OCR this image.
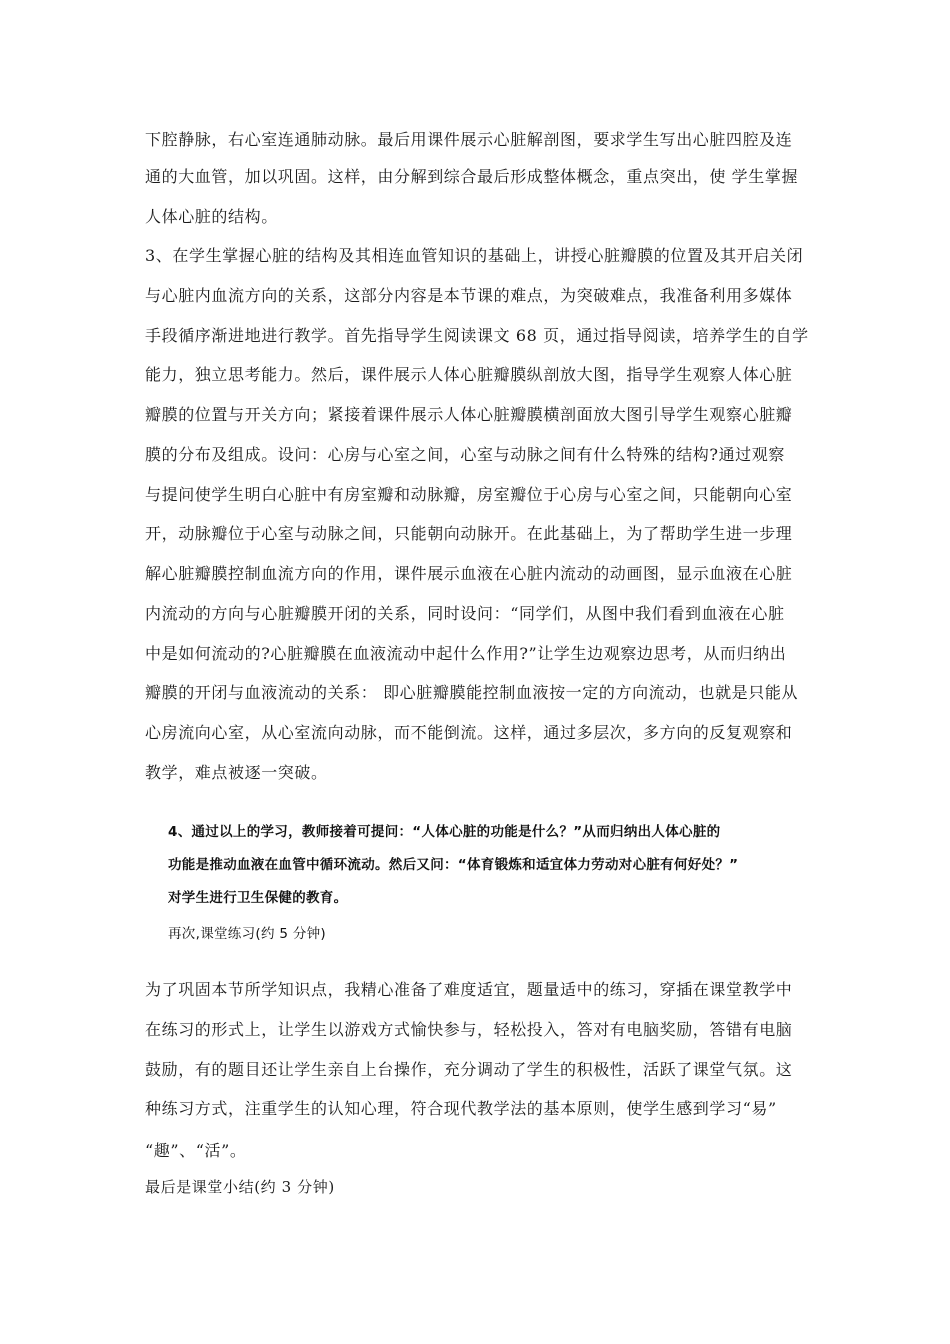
下腔静脉，右心室连通肺动脉。最后用课件展示心脏解剖图，要求学生写出心脏四腔及连
通的大血管，加以巩固。这样，由分解到综合最后形成整体概念，重点突出，使 学生掌握
人体心脏的结构。
3、在学生掌握心脏的结构及其相连血管知识的基础上，讲授心脏瓣膜的位置及其开启关闭
与心脏内血流方向的关系，这部分内容是本节课的难点，为突破难点，我准备利用多媒体
手段循序渐进地进行教学。首先指导学生阅读课文 68 页，通过指导阅读，培养学生的自学
能力，独立思考能力。然后，课件展示人体心脏瓣膜纵剖放大图，指导学生观察人体心脏
瓣膜的位置与开关方向；紧接着课件展示人体心脏瓣膜横剖面放大图引导学生观察心脏瓣
膜的分布及组成。设问：心房与心室之间，心室与动脉之间有什么特殊的结构?通过观察
与提问使学生明白心脏中有房室瓣和动脉瓣，房室瓣位于心房与心室之间，只能朝向心室
开，动脉瓣位于心室与动脉之间，只能朝向动脉开。在此基础上，为了帮助学生进一步理
解心脏瓣膜控制血流方向的作用，课件展示血液在心脏内流动的动画图，显示血液在心脏
内流动的方向与心脏瓣膜开闭的关系，同时设问：“同学们，从图中我们看到血液在心脏
中是如何流动的?心脏瓣膜在血液流动中起什么作用?”让学生边观察边思考，从而归纳出
瓣膜的开闭与血液流动的关系： 即心脏瓣膜能控制血液按一定的方向流动，也就是只能从
心房流向心室，从心室流向动脉，而不能倒流。这样，通过多层次，多方向的反复观察和
教学，难点被逐一突破。
4、通过以上的学习，教师接着可提问：“人体心脏的功能是什么？”从而归纳出人体心脏的
功能是推动血液在血管中循环流动。然后又问：“体育锻炼和适宜体力劳动对心脏有何好处？”
对学生进行卫生保健的教育。
再次,课堂练习(约 5 分钟)
为了巩固本节所学知识点，我精心准备了难度适宜，题量适中的练习，穿插在课堂教学中
在练习的形式上，让学生以游戏方式愉快参与，轻松投入，答对有电脑奖励，答错有电脑
鼓励，有的题目还让学生亲自上台操作，充分调动了学生的积极性，活跃了课堂气氛。这
种练习方式，注重学生的认知心理，符合现代教学法的基本原则，使学生感到学习“易”
“趣”、“活”。
最后是课堂小结(约 3 分钟)
